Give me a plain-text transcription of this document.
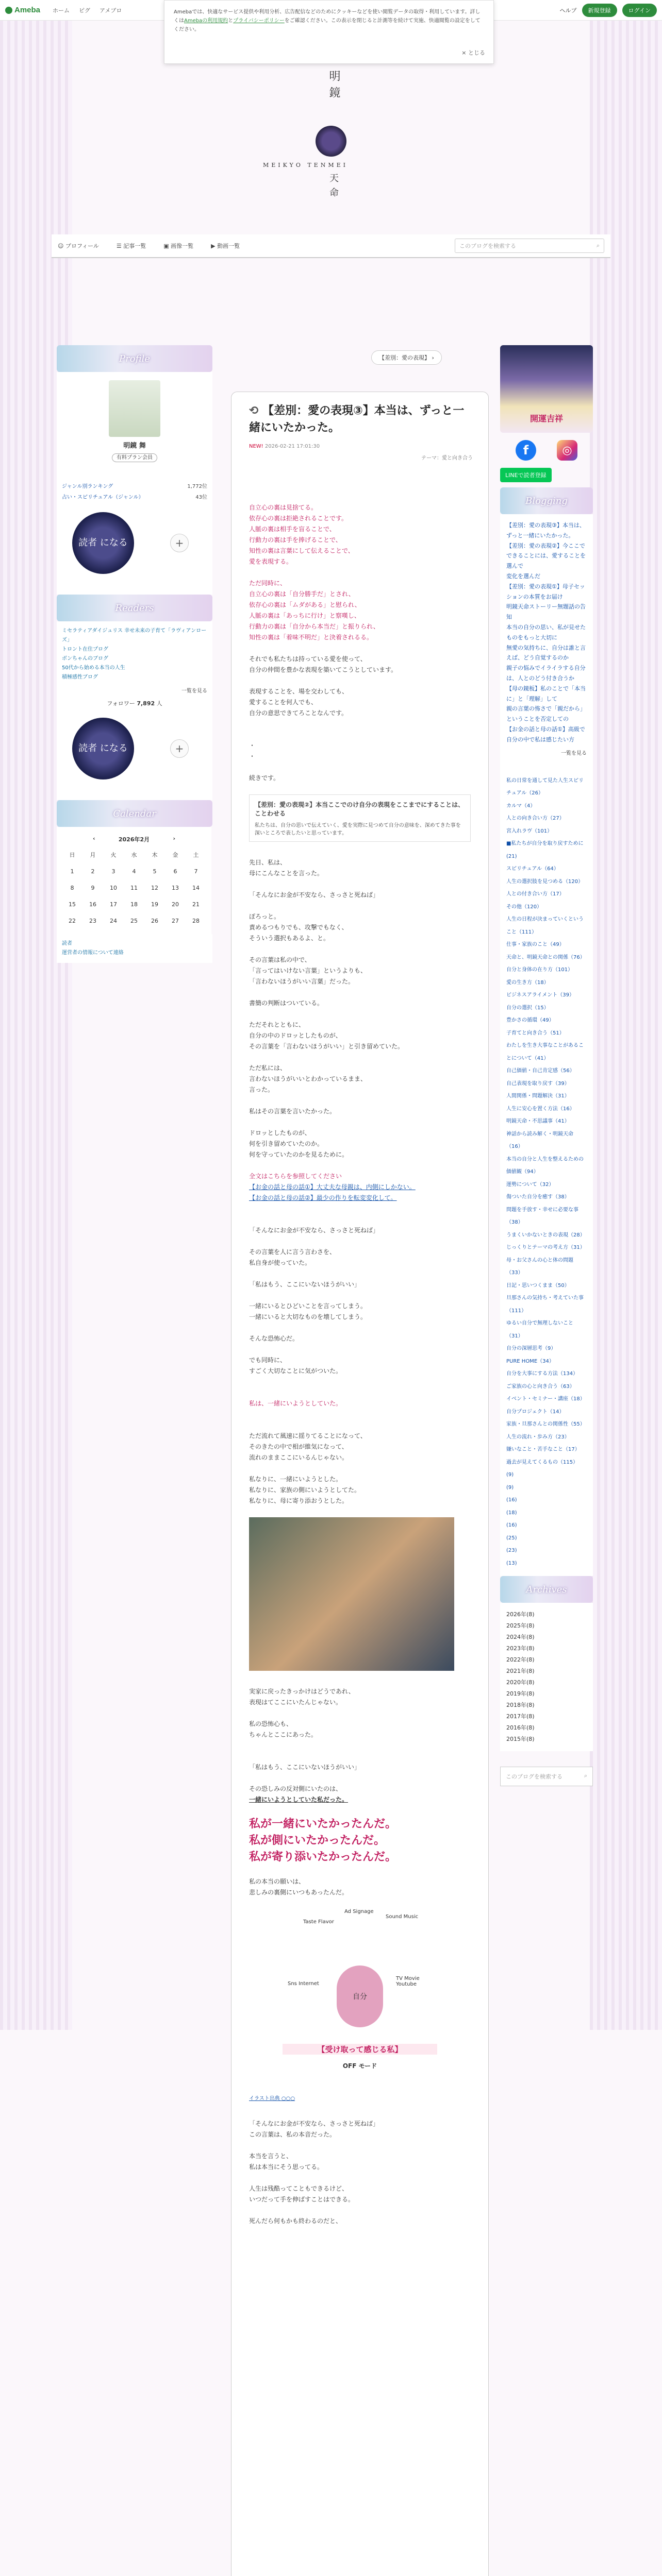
Ameba ホーム ピグ アメブロ	ヘルプ	新規登録	ログイン
Amebaでは、快適なサービス提供や利用分析、広告配信などのためにクッキーなどを使い閲覧データの取得・利用しています。詳しくはAmebaの利用規約とプライバシーポリシーをご確認ください。この表示を閉じると計測等を続けて実施、快適閲覧の設定をしてください。
× とじる
明鏡
MEIKYO TENMEI
天命
☺ プロフィール	☰ 記事一覧	▣ 画像一覧	▶ 動画一覧	このブログを検索する	⌕
Profile
明鏡 舞
有料プラン会員
ジャンル別ランキング	1,772位
占い・スピリチュアル（ジャンル）	43位
読者 になる	+
Readers
ミセラティアダイジュリス 幸せ未来の子育て「ラヴィアンローズ」
トロント在住プログ
ボンちゃんのブログ
50代から始める本当の人生
積極感性ブログ
一覧を見る
フォロワー 7,892 人
読者 になる	+
Calendar
‹	2026年2月	›
日	月	火	水	木	金	土
1	2	3	4	5	6	7
8	9	10	11	12	13	14
15	16	17	18	19	20	21
22	23	24	25	26	27	28
読者
運営者の情報について連絡
【差別：愛の表現】 ›
⟲ 【差別：愛の表現③】本当は、ずっと一緒にいたかった。
NEW! 2026-02-21 17:01:30
テーマ：愛と向き合う

自立心の裏は見捨てる。

依存心の裏は拒絶されることです。

人脈の裏は相手を盲ることで、

行動力の裏は手を捧げることで、

知性の裏は言葉にして伝えることで、

愛を表現する。

ただ同時に、

自立心の裏は「自分勝手だ」とされ、

依存心の裏は「ムダがある」と慰られ、

人脈の裏は「あっちに行け」と察嘆し、

行動力の裏は「自分から本当だ」と振りられ、

知性の裏は「着味不明だ」と決着されるる。

それでも私たちは持っている愛を使って、

自分の仲間を豊かな表現を築いてこうとしています。

表現することを、場を交わしても、

愛することを何人でも、

自分の意思できてろことなんです。

・

・

続きです。

【差別：愛の表現②】本当ここでのけ自分の表現をここまでにすることは、ことわせる
私たちは、自分の思いで伝えていく、愛を実際に見つめて自分の意味を、深めてきた事を深いところで表したいと思っています。

先日、私は、

母にこんなことを言った。

「そんなにお金が不安なら、さっさと死ねば」

ぽろっと。

責めるつもりでも、攻撃でもなく、

そういう選択もあるよ、と。

その言葉は私の中で、

「言ってはいけない言葉」というよりも、

「言わないほうがいい言葉」だった。

書簡の判断はついている。

ただそれとともに、

自分の中のドロッとしたものが、

その言葉を「言わないほうがいい」と引き留めていた。

ただ私には、

言わないほうがいいとわかっているまま、

言った。

私はその言葉を言いたかった。

ドロッとしたものが、

何を引き留めていたのか。

何を守っていたのかを見るために。

全文はこちらを参照してください

【お金の話と母の話①】大丈夫な母親は、内側にしかない。

【お金の話と母の話②】最少の作りを転変変化して。

「そんなにお金が不安なら、さっさと死ねば」

その言葉を人に言う言わさを、

私自身が使っていた。

「私はもう、ここにいないほうがいい」

一緒にいるとひどいことを言ってしまう。

一緒にいると大切なものを壊してしまう。

そんな恐怖心だ。

でも同時に、

すごく大切なことに気がついた。

私は、一緒にいようとしていた。

ただ流れて風速に揺りてることになって、

そのきたの中で相が維気になって、

流れのままここにいるんじゃない。

私なりに、一緒にいようとした。

私なりに、家族の側にいようとしてた。

私なりに、母に寄り添おうとした。

実家に戻ったきっかけはどうであれ、

表現はてここにいたんじゃない。

私の恐怖心も、

ちゃんとここにあった。

「私はもう、ここにいないほうがいい」

その恐しみの反対側にいたのは、

一緒にいようとしていた私だった。

私が一緒にいたかったんだ。

私が側にいたかったんだ。

私が寄り添いたかったんだ。

私の本当の願いは、

悲しみの裏側にいつもあったんだ。

Taste Flavor
Sound Music
Sns Internet
TV Movie Youtube
Ad Signage
自分
【受け取って感じる私】
OFF モード
イラスト出典 ○○○

「そんなにお金が不安なら、さっさと死ねば」

この言葉は、私の本音だった。

本当を言うと、

私は本当にそう思ってる。

人生は残酷ってこともできるけど、

いつだって手を伸ばすことはできる。

死んだら何もかも終わるのだと、

開運吉祥
f	◎
LINEで読者登録
Blogging
【差別：愛の表現③】本当は、ずっと一緒にいたかった。
【差別：愛の表現②】今ここでできることには、愛することを選んで
変化を選んだ
【差別：愛の表現①】母子セッションの本質をお届け
明鏡天命ストーリー無題話の告知
本当の自分の思い、私が見せたものをもっと大切に
無愛の気持ちに、自分は誰と言えば、どう自覚するのか
親子の悩みでイライラする自分は、人とのどう付き合うか
【母の鏡板】私のことで「本当に」と「理解」して
親の言葉の怖さで「親だから」ということを否定しての
【お金の話と母の話①】高級で自分の中で私は感じたい方
一覧を見る
私の日常を通して見た人生スピリチュアル（26）
カルマ（4）
人との向き合い方（27）
宮入れラヴ（101）
■私たちが自分を取り戻すために(21)
スピリチュアル（64）
人生の選択肢を見つめる（120）
人との付き合い方（17）
その他（120）
人生の日程が決まっていくということ（111）
仕事・家族のこと（49）
天命と、明鏡天命との関係（76）
自分と身体の在り方（101）
愛の生き方（18）
ビジネスアライメント（39）
自分の選択（15）
豊かさの循環（49）
子育てと向き合う（51）
わたしを生き大事なことがあることについて（41）
自己価値・自己肯定感（56）
自己表現を取り戻す（39）
人間関係・問題解決（31）
人生に安心を置く方法（16）
明鏡天命・不思議事（41）
神話から読み解く・明鏡天命（16）
本当の自分と人生を整えるための価値観（94）
運勢について（32）
傷ついた自分を癒す（38）
問題を手放す・幸せに必要な事（38）
うまくいかないときの表現（28）
じっくりとテーマの考え方（31）
母・お父さんの心と体の問題（33）
日記・思いつくまま（50）
旦那さんの気持ち・考えていた事（111）
ゆるい自分で無理しないこと（31）
自分の深層思考（9）
PURE HOME（34）
自分を大事にする方法（134）
ご家族の心と向き合う（63）
イベント・セミナー・講座（18）
自分プロジェクト（14）
家族・旦那さんとの関係性（55）
人生の流れ・歩み方（23）
嫌いなこと・苦手なこと（17）
過去が見えてくるもの（115）
(9)
(9)
(16)
(18)
(16)
(25)
(23)
(13)
Archives
2026年(8)
2025年(8)
2024年(8)
2023年(8)
2022年(8)
2021年(8)
2020年(8)
2019年(8)
2018年(8)
2017年(8)
2016年(8)
2015年(8)
このブログを検索する	⌕
